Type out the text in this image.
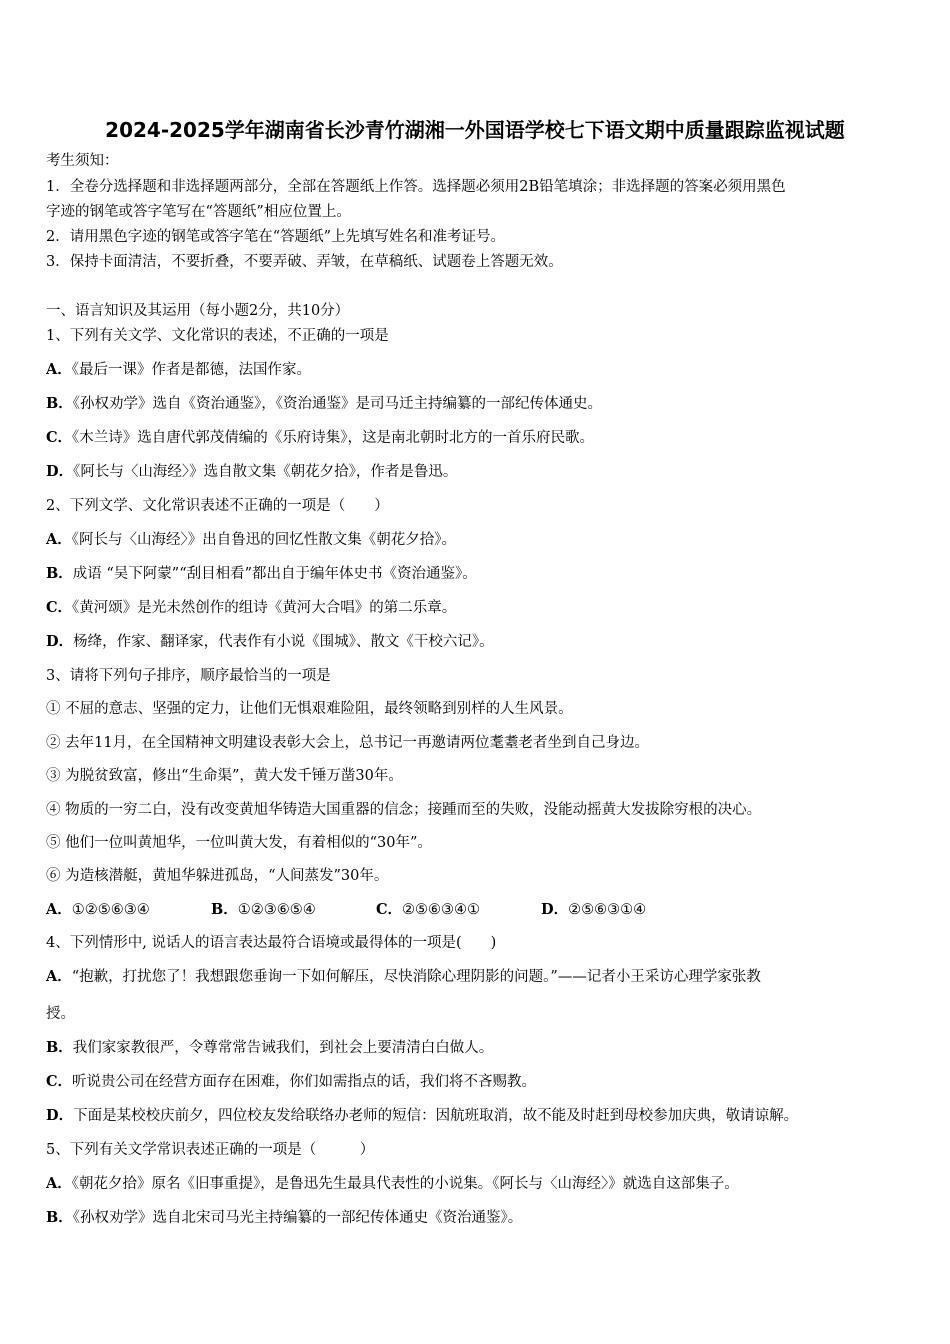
2024-2025学年湖南省长沙青竹湖湘一外国语学校七下语文期中质量跟踪监视试题
考生须知：
1．全卷分选择题和非选择题两部分，全部在答题纸上作答。选择题必须用2B铅笔填涂；非选择题的答案必须用黑色
字迹的钢笔或答字笔写在“答题纸”相应位置上。
2．请用黑色字迹的钢笔或答字笔在“答题纸”上先填写姓名和准考证号。
3．保持卡面清洁，不要折叠，不要弄破、弄皱，在草稿纸、试题卷上答题无效。
一、语言知识及其运用（每小题2分，共10分）
1、下列有关文学、文化常识的表述，不正确的一项是
A．《最后一课》作者是都德，法国作家。
B．《孙权劝学》选自《资治通鉴》，《资治通鉴》是司马迁主持编纂的一部纪传体通史。
C．《木兰诗》选自唐代郭茂倩编的《乐府诗集》，这是南北朝时北方的一首乐府民歌。
D．《阿长与〈山海经〉》选自散文集《朝花夕拾》，作者是鲁迅。
2、下列文学、文化常识表述不正确的一项是（　　）
A．《阿长与〈山海经〉》出自鲁迅的回忆性散文集《朝花夕拾》。
B．成语 “吴下阿蒙”“刮目相看”都出自于编年体史书《资治通鉴》。
C．《黄河颂》是光未然创作的组诗《黄河大合唱》的第二乐章。
D．杨绛，作家、翻译家，代表作有小说《围城》、散文《干校六记》。
3、请将下列句子排序，顺序最恰当的一项是
① 不屈的意志、坚强的定力，让他们无惧艰难险阻，最终领略到别样的人生风景。
② 去年11月，在全国精神文明建设表彰大会上，总书记一再邀请两位耄耋老者坐到自己身边。
③ 为脱贫致富，修出“生命渠”，黄大发千锤万凿30年。
④ 物质的一穷二白，没有改变黄旭华铸造大国重器的信念；接踵而至的失败，没能动摇黄大发拔除穷根的决心。
⑤ 他们一位叫黄旭华，一位叫黄大发，有着相似的“30年”。
⑥ 为造核潜艇，黄旭华躲进孤岛，“人间蒸发”30年。
A．①②⑤⑥③④	B．①②③⑥⑤④	C．②⑤⑥③④①	D．②⑤⑥③①④
4、下列情形中, 说话人的语言表达最符合语境或最得体的一项是(　　)
A．“抱歉，打扰您了！我想跟您垂询一下如何解压，尽快消除心理阴影的问题。”——记者小王采访心理学家张教
授。
B．我们家家教很严，令尊常常告诫我们，到社会上要清清白白做人。
C．听说贵公司在经营方面存在困难，你们如需指点的话，我们将不吝赐教。
D．下面是某校校庆前夕，四位校友发给联络办老师的短信：因航班取消，故不能及时赶到母校参加庆典，敬请谅解。
5、下列有关文学常识表述正确的一项是（　　　）
A．《朝花夕拾》原名《旧事重提》，是鲁迅先生最具代表性的小说集。《阿长与〈山海经〉》就选自这部集子。
B．《孙权劝学》选自北宋司马光主持编纂的一部纪传体通史《资治通鉴》。
